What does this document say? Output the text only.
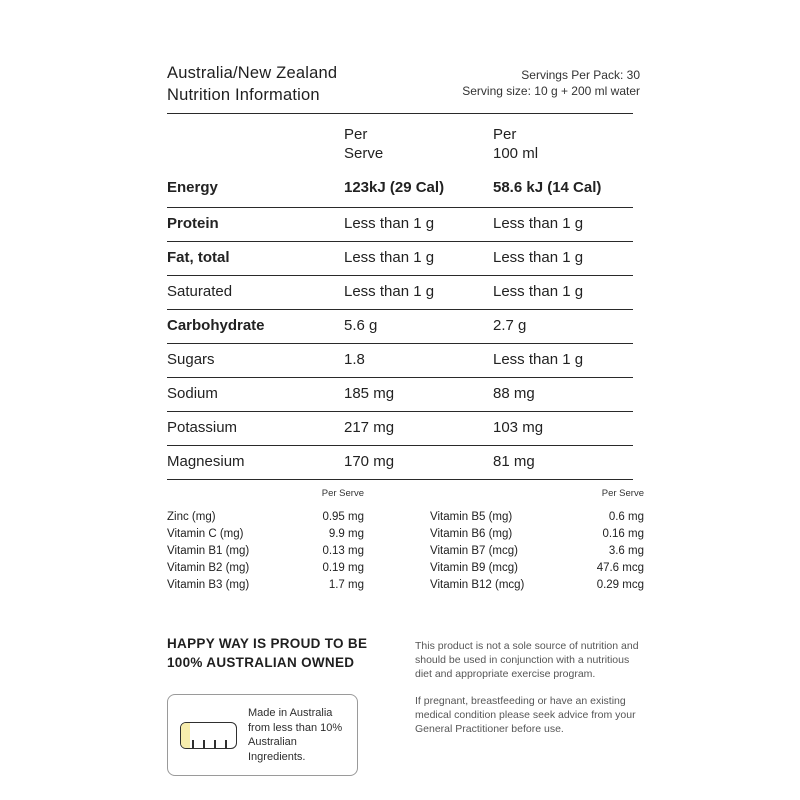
Australia/New Zealand
Nutrition Information
Servings Per Pack: 30
Serving size: 10 g + 200 ml water

Per
Serve

Per
100 ml

Energy	123kJ (29 Cal)	58.6 kJ (14 Cal)
Protein	Less than 1 g	Less than 1 g
Fat, total	Less than 1 g	Less than 1 g
Saturated	Less than 1 g	Less than 1 g
Carbohydrate	5.6 g	2.7 g
Sugars	1.8	Less than 1 g
Sodium	185 mg	88 mg
Potassium	217 mg	103 mg
Magnesium	170 mg	81 mg
Per Serve
Zinc (mg)	0.95 mg
Vitamin C (mg)	9.9 mg
Vitamin B1 (mg)	0.13 mg
Vitamin B2 (mg)	0.19 mg
Vitamin B3 (mg)	1.7 mg
Per Serve
Vitamin B5 (mg)	0.6 mg
Vitamin B6 (mg)	0.16 mg
Vitamin B7 (mcg)	3.6 mg
Vitamin B9 (mcg)	47.6 mcg
Vitamin B12 (mcg)	0.29 mcg
HAPPY WAY IS PROUD TO BE
100% AUSTRALIAN OWNED
Made in Australia
from less than 10%
Australian Ingredients.

This product is not a sole source of nutrition and should be used in conjunction with a nutritious diet and appropriate exercise program.

If pregnant, breastfeeding or have an existing medical condition please seek advice from your General Practitioner before use.
